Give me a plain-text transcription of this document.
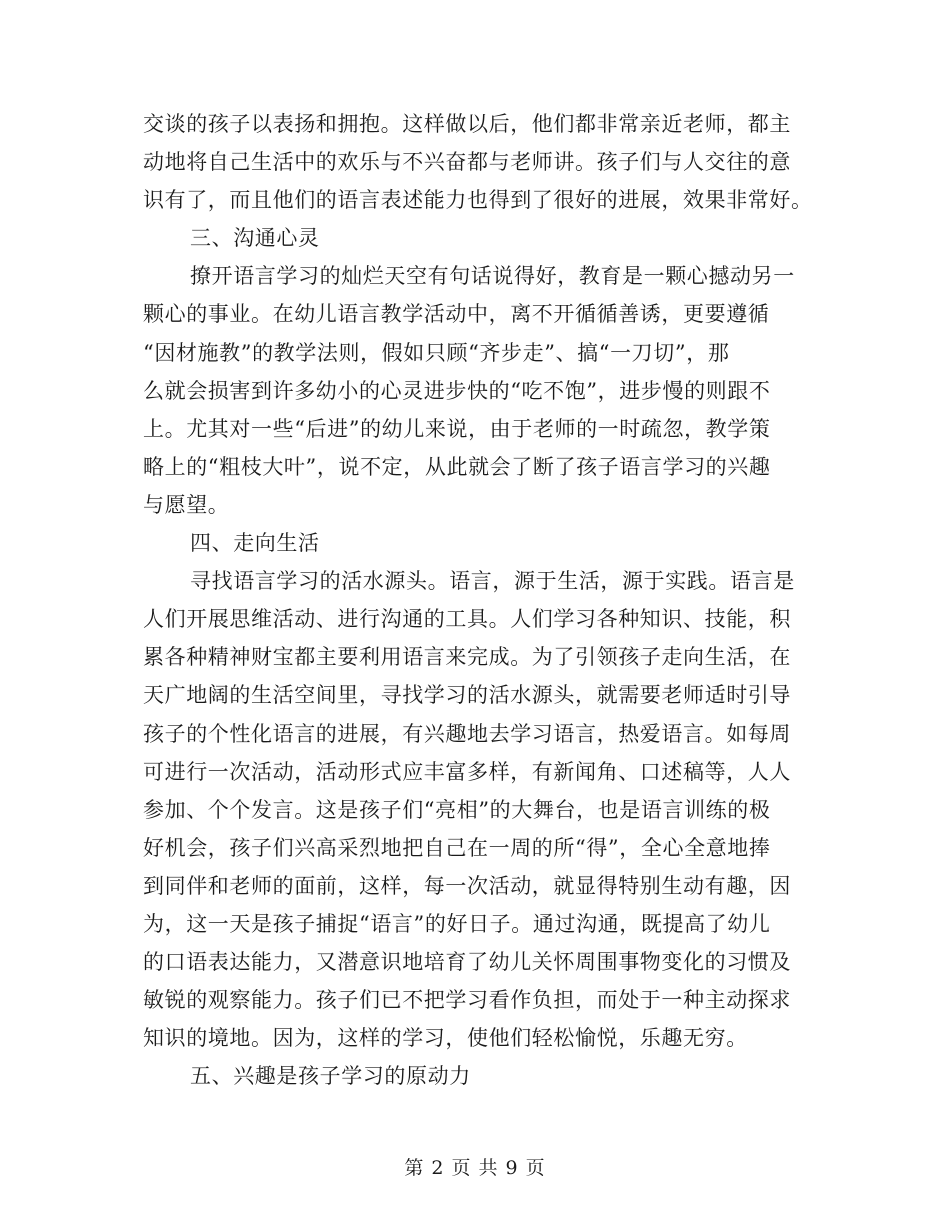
交谈的孩子以表扬和拥抱。这样做以后，他们都非常亲近老师，都主
动地将自己生活中的欢乐与不兴奋都与老师讲。孩子们与人交往的意
识有了，而且他们的语言表述能力也得到了很好的进展，效果非常好。
三、沟通心灵
撩开语言学习的灿烂天空有句话说得好，教育是一颗心撼动另一
颗心的事业。在幼儿语言教学活动中，离不开循循善诱，更要遵循
“因材施教”的教学法则，假如只顾“齐步走”、搞“一刀切”，那
么就会损害到许多幼小的心灵进步快的“吃不饱”，进步慢的则跟不
上。尤其对一些“后进”的幼儿来说，由于老师的一时疏忽，教学策
略上的“粗枝大叶”，说不定，从此就会了断了孩子语言学习的兴趣
与愿望。
四、走向生活
寻找语言学习的活水源头。语言，源于生活，源于实践。语言是
人们开展思维活动、进行沟通的工具。人们学习各种知识、技能，积
累各种精神财宝都主要利用语言来完成。为了引领孩子走向生活，在
天广地阔的生活空间里，寻找学习的活水源头，就需要老师适时引导
孩子的个性化语言的进展，有兴趣地去学习语言，热爱语言。如每周
可进行一次活动，活动形式应丰富多样，有新闻角、口述稿等，人人
参加、个个发言。这是孩子们“亮相”的大舞台，也是语言训练的极
好机会，孩子们兴高采烈地把自己在一周的所“得”，全心全意地捧
到同伴和老师的面前，这样，每一次活动，就显得特别生动有趣，因
为，这一天是孩子捕捉“语言”的好日子。通过沟通，既提高了幼儿
的口语表达能力，又潜意识地培育了幼儿关怀周围事物变化的习惯及
敏锐的观察能力。孩子们已不把学习看作负担，而处于一种主动探求
知识的境地。因为，这样的学习，使他们轻松愉悦，乐趣无穷。
五、兴趣是孩子学习的原动力
第 2 页 共 9 页
